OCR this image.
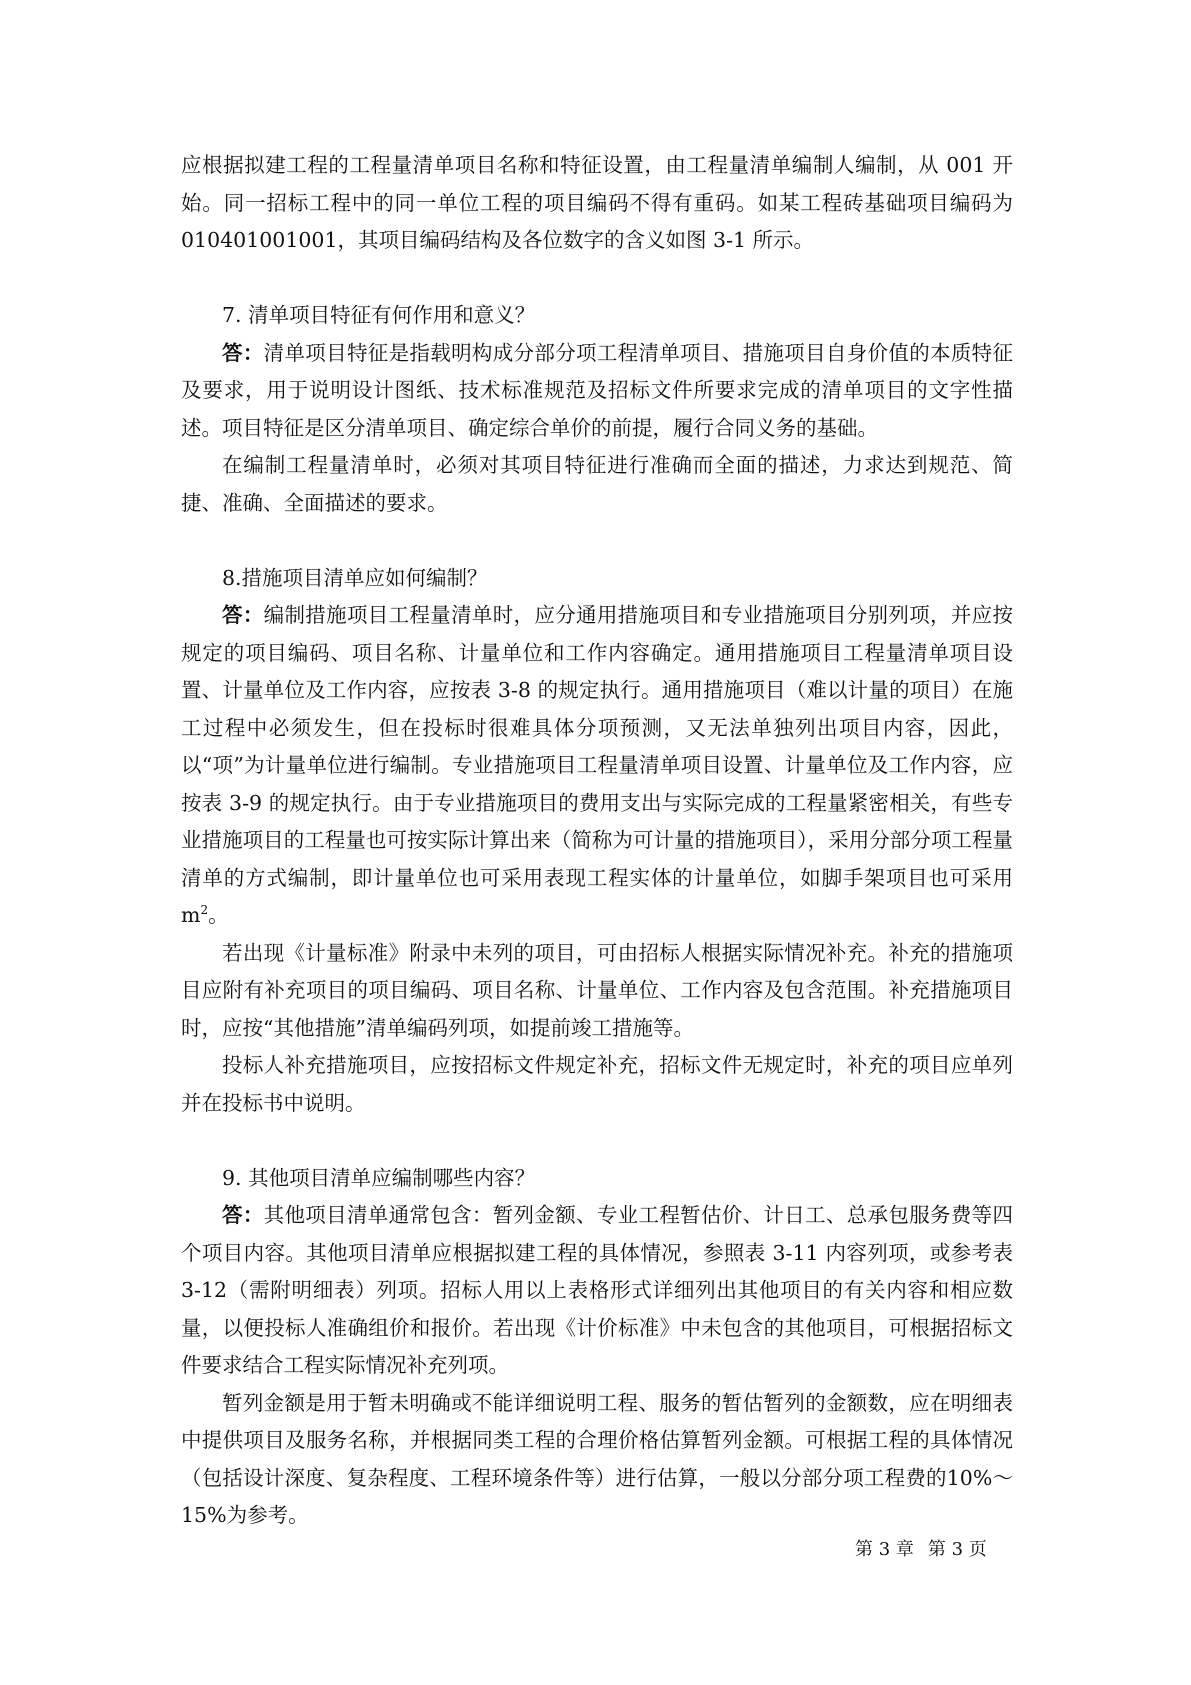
应根据拟建工程的工程量清单项目名称和特征设置，由工程量清单编制人编制，从 001 开始。同一招标工程中的同一单位工程的项目编码不得有重码。如某工程砖基础项目编码为010401001001，其项目编码结构及各位数字的含义如图 3-1 所示。

7. 清单项目特征有何作用和意义？

答：清单项目特征是指载明构成分部分项工程清单项目、措施项目自身价值的本质特征及要求，用于说明设计图纸、技术标准规范及招标文件所要求完成的清单项目的文字性描述。项目特征是区分清单项目、确定综合单价的前提，履行合同义务的基础。

在编制工程量清单时，必须对其项目特征进行准确而全面的描述，力求达到规范、简捷、准确、全面描述的要求。

8.措施项目清单应如何编制？

答：编制措施项目工程量清单时，应分通用措施项目和专业措施项目分别列项，并应按规定的项目编码、项目名称、计量单位和工作内容确定。通用措施项目工程量清单项目设置、计量单位及工作内容，应按表 3-8 的规定执行。通用措施项目（难以计量的项目）在施工过程中必须发生，但在投标时很难具体分项预测，又无法单独列出项目内容，因此，以“项”为计量单位进行编制。专业措施项目工程量清单项目设置、计量单位及工作内容，应按表 3-9 的规定执行。由于专业措施项目的费用支出与实际完成的工程量紧密相关，有些专业措施项目的工程量也可按实际计算出来（简称为可计量的措施项目），采用分部分项工程量清单的方式编制，即计量单位也可采用表现工程实体的计量单位，如脚手架项目也可采用 $m^2$。

若出现《计量标准》附录中未列的项目，可由招标人根据实际情况补充。补充的措施项目应附有补充项目的项目编码、项目名称、计量单位、工作内容及包含范围。补充措施项目时，应按“其他措施”清单编码列项，如提前竣工措施等。

投标人补充措施项目，应按招标文件规定补充，招标文件无规定时，补充的项目应单列并在投标书中说明。

9. 其他项目清单应编制哪些内容？

答：其他项目清单通常包含：暂列金额、专业工程暂估价、计日工、总承包服务费等四个项目内容。其他项目清单应根据拟建工程的具体情况，参照表 3-11 内容列项，或参考表 3-12（需附明细表）列项。招标人用以上表格形式详细列出其他项目的有关内容和相应数量，以便投标人准确组价和报价。若出现《计价标准》中未包含的其他项目，可根据招标文件要求结合工程实际情况补充列项。

暂列金额是用于暂未明确或不能详细说明工程、服务的暂估暂列的金额数，应在明细表中提供项目及服务名称，并根据同类工程的合理价格估算暂列金额。可根据工程的具体情况（包括设计深度、复杂程度、工程环境条件等）进行估算，一般以分部分项工程费的10%～15%为参考。

第 3 章 第 3 页
